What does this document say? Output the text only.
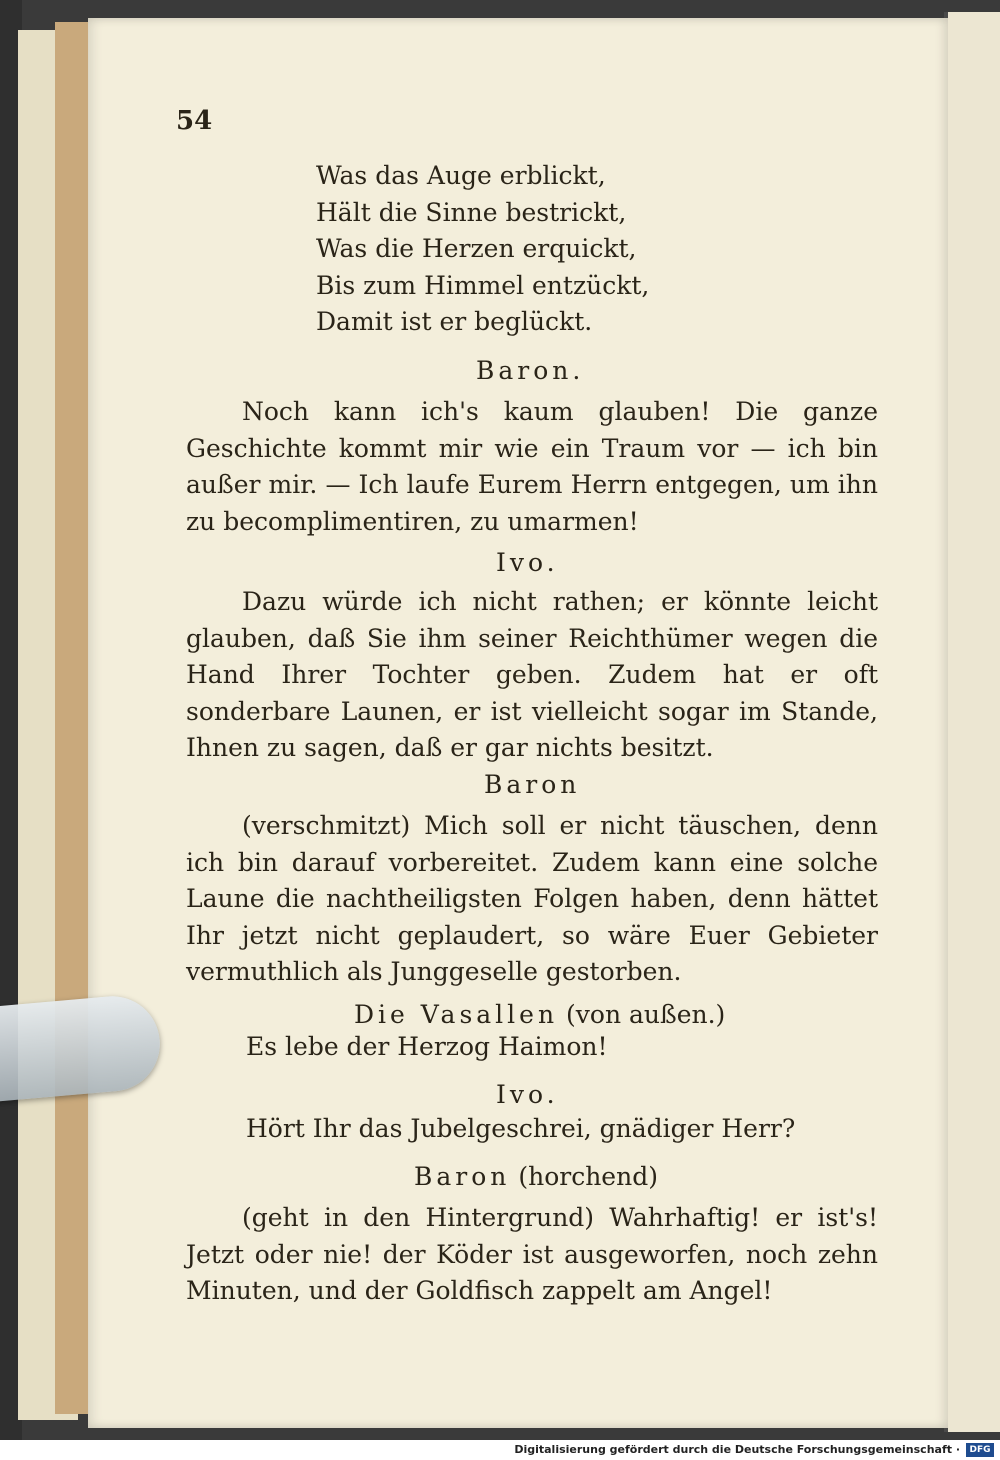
54
Was das Auge erblickt,
Hält die Sinne bestrickt,
Was die Herzen erquickt,
Bis zum Himmel entzückt,
Damit ist er beglückt.
Baron.
Noch kann ich's kaum glauben! Die ganze Geschichte kommt mir wie ein Traum vor — ich bin außer mir. — Ich laufe Eurem Herrn entgegen, um ihn zu becomplimentiren, zu umarmen!
Ivo.
Dazu würde ich nicht rathen; er könnte leicht glauben, daß Sie ihm seiner Reichthümer wegen die Hand Ihrer Tochter geben. Zudem hat er oft sonderbare Launen, er ist vielleicht sogar im Stande, Ihnen zu sagen, daß er gar nichts besitzt.
Baron
(verschmitzt) Mich soll er nicht täuschen, denn ich bin darauf vorbereitet. Zudem kann eine solche Laune die nachtheiligsten Folgen haben, denn hättet Ihr jetzt nicht geplaudert, so wäre Euer Gebieter vermuthlich als Junggeselle gestorben.
Die Vasallen (von außen.)
Es lebe der Herzog Haimon!
Ivo.
Hört Ihr das Jubelgeschrei, gnädiger Herr?
Baron (horchend)
(geht in den Hintergrund) Wahrhaftig! er ist's! Jetzt oder nie! der Köder ist ausgeworfen, noch zehn Minuten, und der Goldfisch zappelt am Angel!
Digitalisierung gefördert durch die Deutsche Forschungsgemeinschaft ·	DFG
